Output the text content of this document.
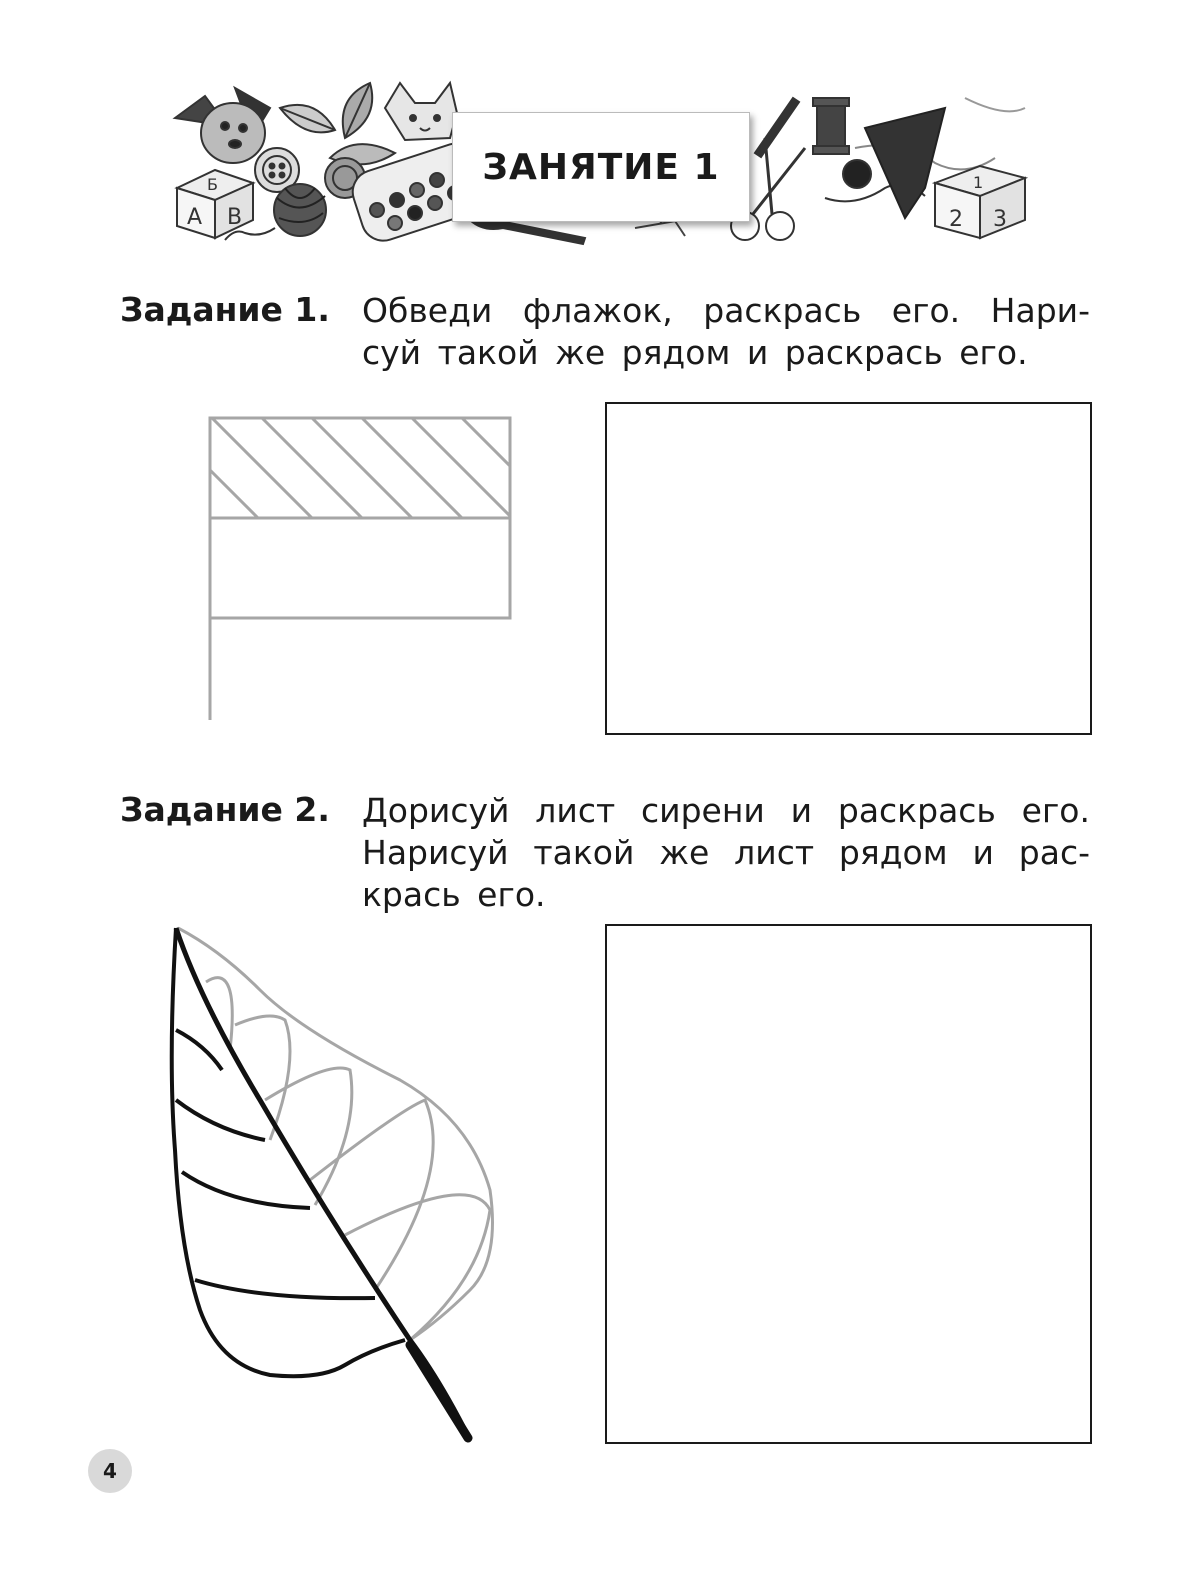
Б
А В
1
2 3
ЗАНЯТИЕ 1
Задание 1. Обведи флажок, раскрась его. Нари-
суй такой же рядом и раскрась его.
Задание 2. Дорисуй лист сирени и раскрась его.
Нарисуй такой же лист рядом и рас-
крась его.
4
